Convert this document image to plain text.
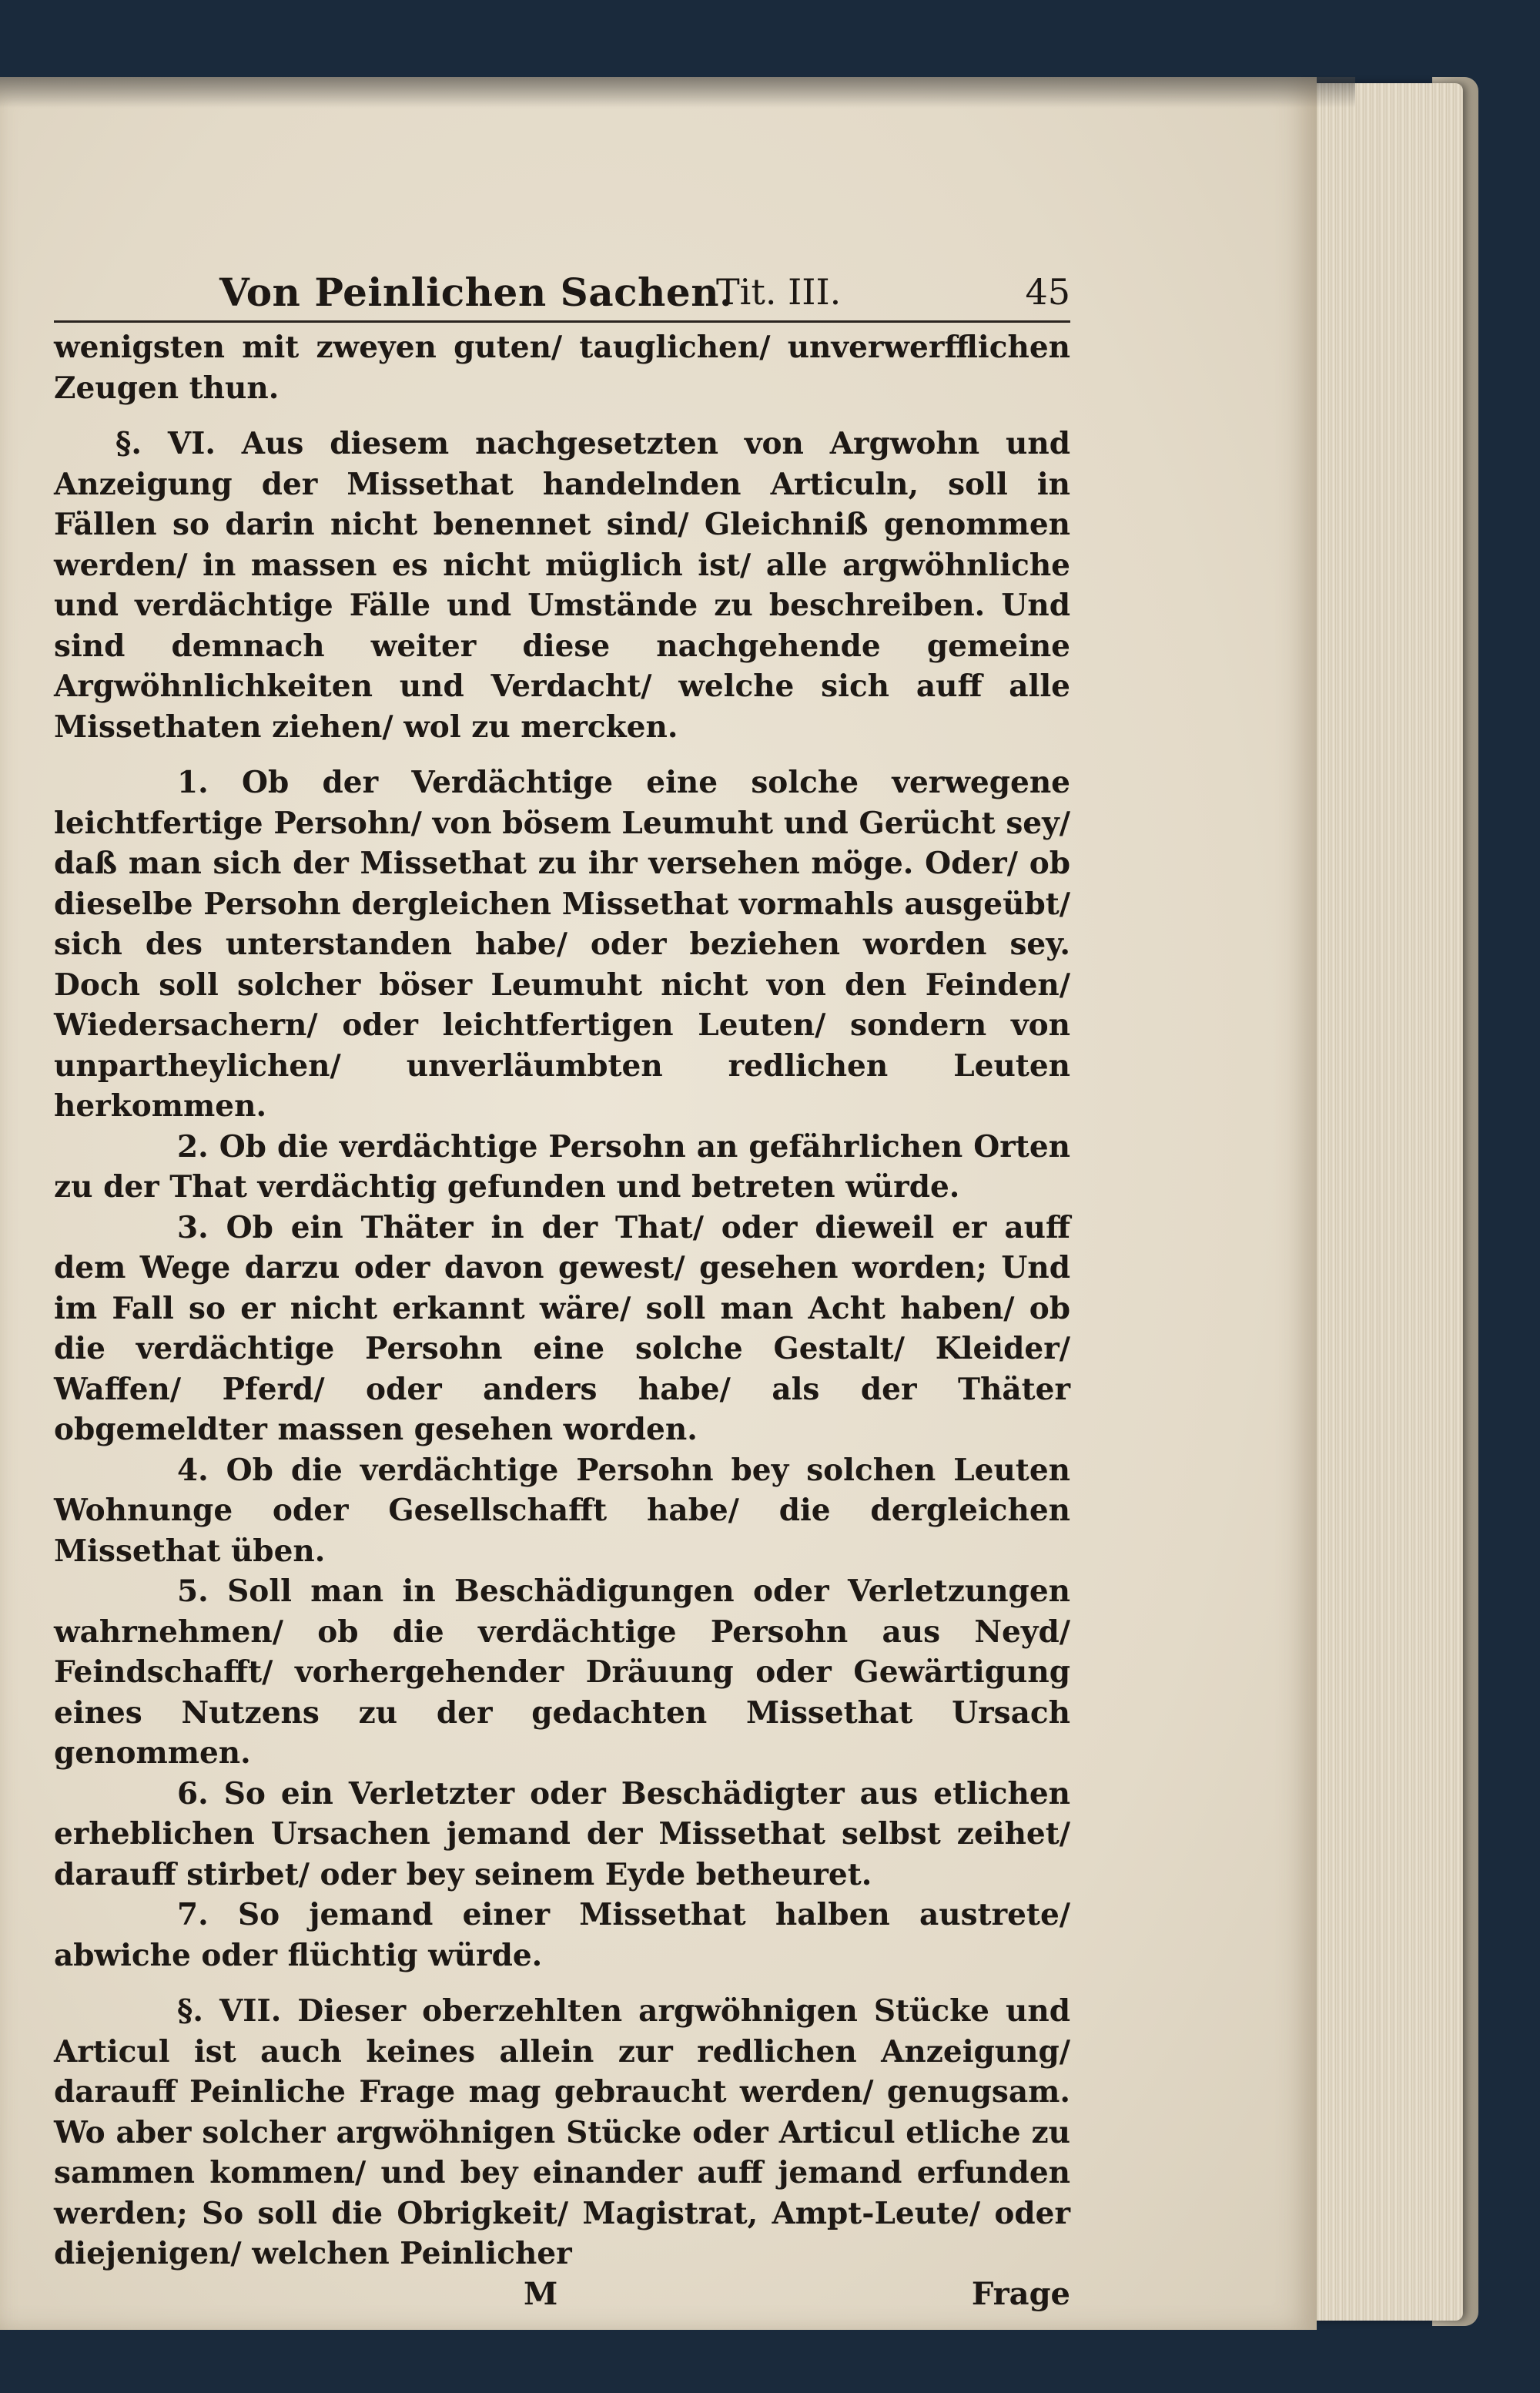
Von Peinlichen Sachen.
Tit. III.	45

wenigsten mit zweyen guten/ tauglichen/ unverwerfflichen Zeugen thun.

§. VI. Aus diesem nachgesetzten von Argwohn und Anzeigung der Missethat handelnden Articuln, soll in Fällen so darin nicht benennet sind/ Gleichniß genommen werden/ in massen es nicht müglich ist/ alle argwöhnliche und verdächtige Fälle und Umstände zu beschreiben. Und sind demnach weiter diese nachgehende gemeine Argwöhnlichkeiten und Verdacht/ welche sich auff alle Missethaten ziehen/ wol zu mercken.

1. Ob der Verdächtige eine solche verwegene leichtfertige Persohn/ von bösem Leumuht und Gerücht sey/ daß man sich der Missethat zu ihr versehen möge. Oder/ ob dieselbe Persohn dergleichen Missethat vormahls ausgeübt/ sich des unterstanden habe/ oder beziehen worden sey. Doch soll solcher böser Leumuht nicht von den Feinden/ Wiedersachern/ oder leichtfertigen Leuten/ sondern von unpartheylichen/ unverläumbten redlichen Leuten herkommen.

2. Ob die verdächtige Persohn an gefährlichen Orten zu der That verdächtig gefunden und betreten würde.

3. Ob ein Thäter in der That/ oder dieweil er auff dem Wege darzu oder davon gewest/ gesehen worden; Und im Fall so er nicht erkannt wäre/ soll man Acht haben/ ob die verdächtige Persohn eine solche Gestalt/ Kleider/ Waffen/ Pferd/ oder anders habe/ als der Thäter obgemeldter massen gesehen worden.

4. Ob die verdächtige Persohn bey solchen Leuten Wohnunge oder Gesellschafft habe/ die dergleichen Missethat üben.

5. Soll man in Beschädigungen oder Verletzungen wahrnehmen/ ob die verdächtige Persohn aus Neyd/ Feindschafft/ vorhergehender Dräuung oder Gewärtigung eines Nutzens zu der gedachten Missethat Ursach genommen.

6. So ein Verletzter oder Beschädigter aus etlichen erheblichen Ursachen jemand der Missethat selbst zeihet/ darauff stirbet/ oder bey seinem Eyde betheuret.

7. So jemand einer Missethat halben austrete/ abwiche oder flüchtig würde.

§. VII. Dieser oberzehlten argwöhnigen Stücke und Articul ist auch keines allein zur redlichen Anzeigung/ darauff Peinliche Frage mag gebraucht werden/ genugsam. Wo aber solcher argwöhnigen Stücke oder Articul etliche zu sammen kommen/ und bey einander auff jemand erfunden werden; So soll die Obrigkeit/ Magistrat, Ampt-Leute/ oder diejenigen/ welchen Peinlicher

M	Frage
